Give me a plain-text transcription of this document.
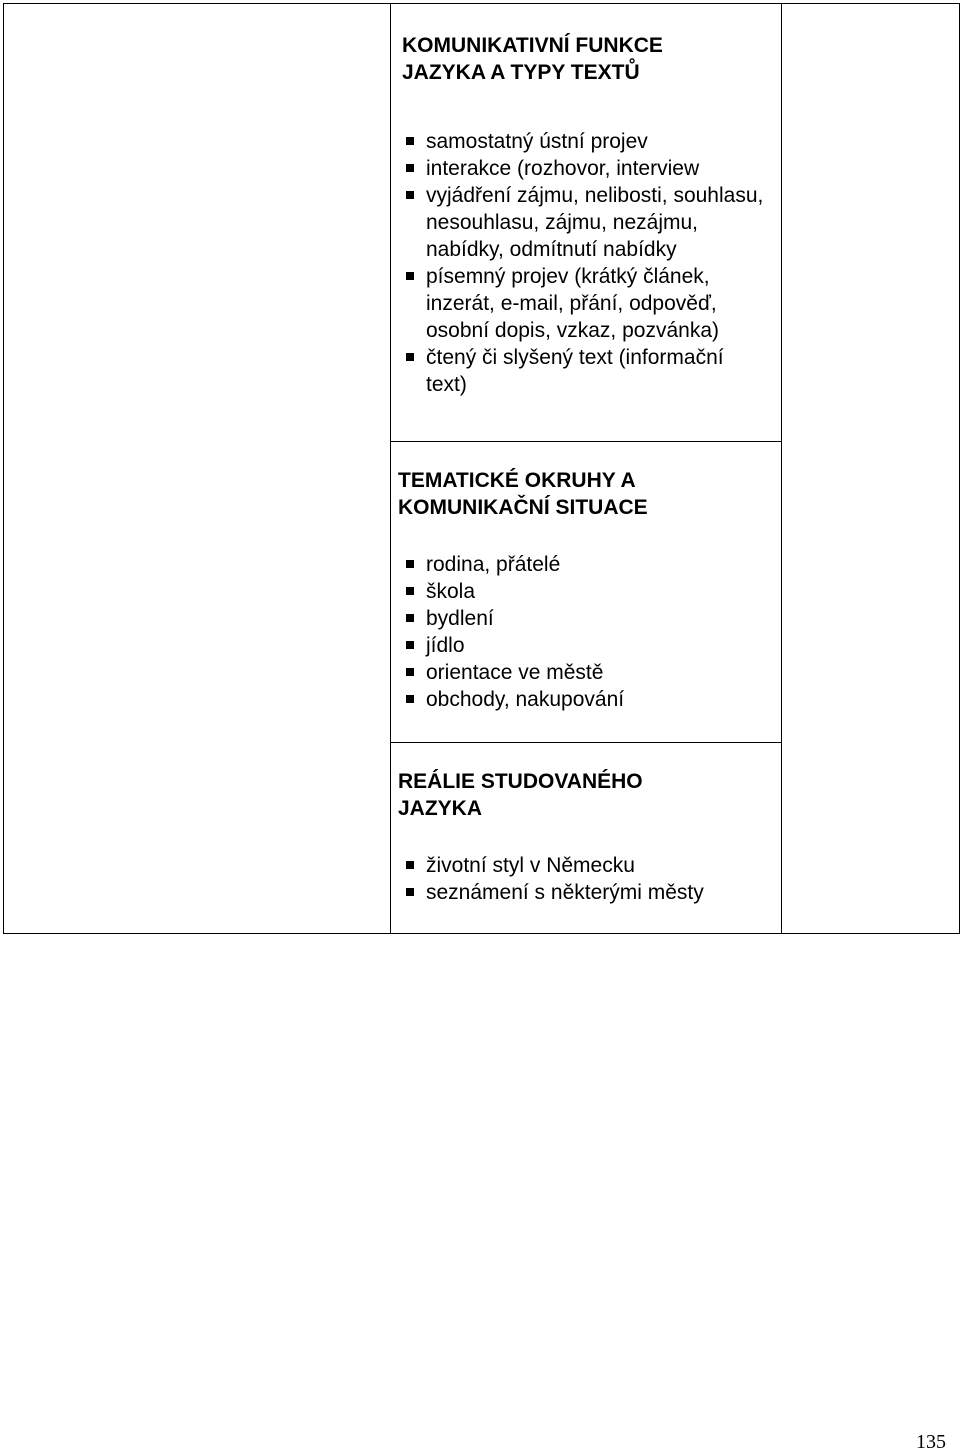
KOMUNIKATIVNÍ FUNKCE
JAZYKA A TYPY TEXTŮ
samostatný ústní projev
interakce (rozhovor, interview
vyjádření zájmu, nelibosti, souhlasu, nesouhlasu, zájmu, nezájmu, nabídky, odmítnutí nabídky
písemný projev (krátký článek, inzerát, e-mail, přání, odpověď, osobní dopis, vzkaz, pozvánka)
čtený či slyšený text (informační text)
TEMATICKÉ OKRUHY A
KOMUNIKAČNÍ SITUACE
rodina, přátelé
škola
bydlení
jídlo
orientace ve městě
obchody, nakupování
REÁLIE STUDOVANÉHO
JAZYKA
životní styl v Německu
seznámení s některými městy
135
